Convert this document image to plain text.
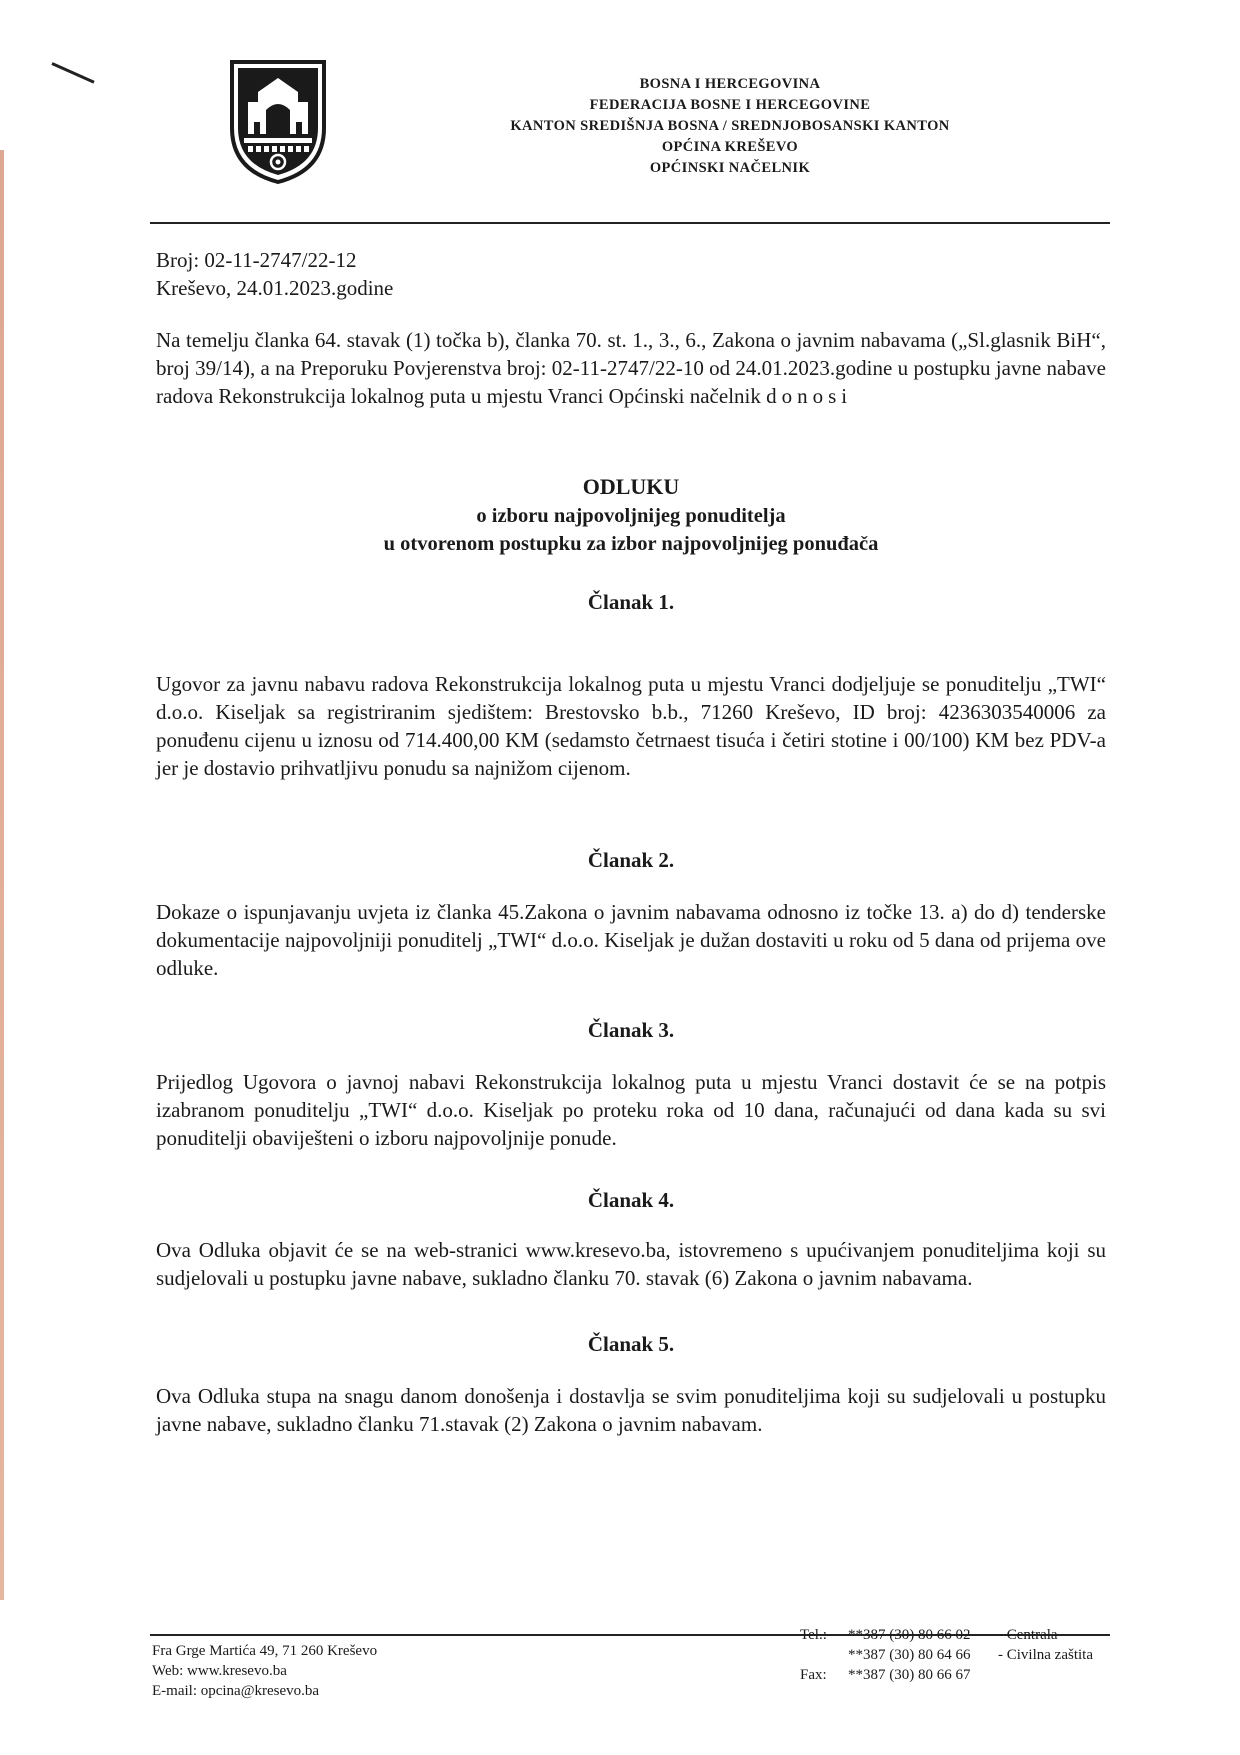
BOSNA I HERCEGOVINA
FEDERACIJA BOSNE I HERCEGOVINE
KANTON SREDIŠNJA BOSNA / SREDNJOBOSANSKI KANTON
OPĆINA KREŠEVO
OPĆINSKI NAČELNIK
Broj: 02-11-2747/22-12
Kreševo, 24.01.2023.godine

Na temelju članka 64. stavak (1) točka b), članka 70. st. 1., 3., 6., Zakona o javnim nabavama („Sl.glasnik BiH“, broj 39/14), a na Preporuku Povjerenstva broj: 02-11-2747/22-10 od 24.01.2023.godine u postupku javne nabave radova Rekonstrukcija lokalnog puta u mjestu Vranci Općinski načelnik donosi

ODLUKU
o izboru najpovoljnijeg ponuditelja
u otvorenom postupku za izbor najpovoljnijeg ponuđača
Članak 1.

Ugovor za javnu nabavu radova Rekonstrukcija lokalnog puta u mjestu Vranci dodjeljuje se ponuditelju „TWI“ d.o.o. Kiseljak sa registriranim sjedištem: Brestovsko b.b., 71260 Kreševo, ID broj: 4236303540006 za ponuđenu cijenu u iznosu od 714.400,00 KM (sedamsto četrnaest tisuća i četiri stotine i 00/100) KM bez PDV-a jer je dostavio prihvatljivu ponudu sa najnižom cijenom.

Članak 2.

Dokaze o ispunjavanju uvjeta iz članka 45.Zakona o javnim nabavama odnosno iz točke 13. a) do d) tenderske dokumentacije najpovoljniji ponuditelj „TWI“ d.o.o. Kiseljak je dužan dostaviti u roku od 5 dana od prijema ove odluke.

Članak 3.

Prijedlog Ugovora o javnoj nabavi Rekonstrukcija lokalnog puta u mjestu Vranci dostavit će se na potpis izabranom ponuditelju „TWI“ d.o.o. Kiseljak po proteku roka od 10 dana, računajući od dana kada su svi ponuditelji obaviješteni o izboru najpovoljnije ponude.

Članak 4.

Ova Odluka objavit će se na web-stranici www.kresevo.ba, istovremeno s upućivanjem ponuditeljima koji su sudjelovali u postupku javne nabave, sukladno članku 70. stavak (6) Zakona o javnim nabavama.

Članak 5.

Ova Odluka stupa na snagu danom donošenja i dostavlja se svim ponuditeljima koji su sudjelovali u postupku javne nabave, sukladno članku 71.stavak (2) Zakona o javnim nabavam.

Fra Grge Martića 49, 71 260 Kreševo
Web: www.kresevo.ba
E-mail: opcina@kresevo.ba
Tel.:	**387 (30) 80 66 02	- Centrala
**387 (30) 80 64 66	- Civilna zaštita
Fax:	**387 (30) 80 66 67
